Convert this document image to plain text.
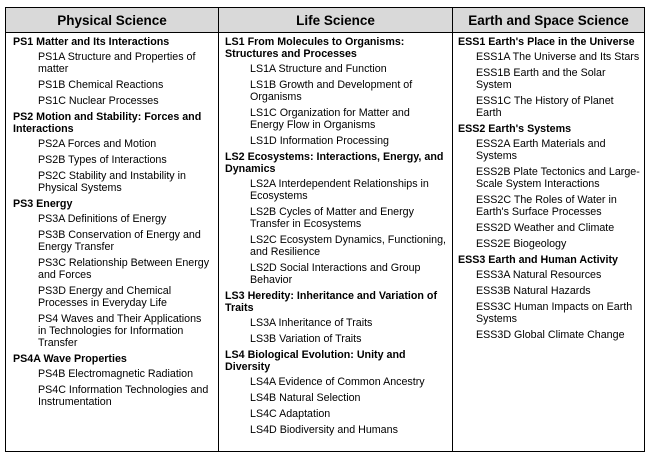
Physical Science	Life Science	Earth and Space Science
PS1 Matter and Its Interactions
PS1A Structure and Properties of matter
PS1B Chemical Reactions
PS1C Nuclear Processes
PS2 Motion and Stability: Forces and Interactions
PS2A Forces and Motion
PS2B Types of Interactions
PS2C Stability and Instability in Physical Systems
PS3 Energy
PS3A Definitions of Energy
PS3B Conservation of Energy and Energy Transfer
PS3C Relationship Between Energy and Forces
PS3D Energy and Chemical Processes in Everyday Life
PS4 Waves and Their Applications in Technologies for Information Transfer
PS4A Wave Properties
PS4B Electromagnetic Radiation
PS4C Information Technologies and Instrumentation
LS1 From Molecules to Organisms: Structures and Processes
LS1A Structure and Function
LS1B Growth and Development of Organisms
LS1C Organization for Matter and Energy Flow in Organisms
LS1D Information Processing
LS2 Ecosystems: Interactions, Energy, and Dynamics
LS2A Interdependent Relationships in Ecosystems
LS2B Cycles of Matter and Energy Transfer in Ecosystems
LS2C Ecosystem Dynamics, Functioning, and Resilience
LS2D Social Interactions and Group Behavior
LS3 Heredity: Inheritance and Variation of Traits
LS3A Inheritance of Traits
LS3B Variation of Traits
LS4 Biological Evolution: Unity and Diversity
LS4A Evidence of Common Ancestry
LS4B Natural Selection
LS4C Adaptation
LS4D Biodiversity and Humans
ESS1 Earth's Place in the Universe
ESS1A The Universe and Its Stars
ESS1B Earth and the Solar System
ESS1C The History of Planet Earth
ESS2 Earth's Systems
ESS2A Earth Materials and Systems
ESS2B Plate Tectonics and Large-Scale System Interactions
ESS2C The Roles of Water in Earth's Surface Processes
ESS2D Weather and Climate
ESS2E Biogeology
ESS3 Earth and Human Activity
ESS3A Natural Resources
ESS3B Natural Hazards
ESS3C Human Impacts on Earth Systems
ESS3D Global Climate Change
